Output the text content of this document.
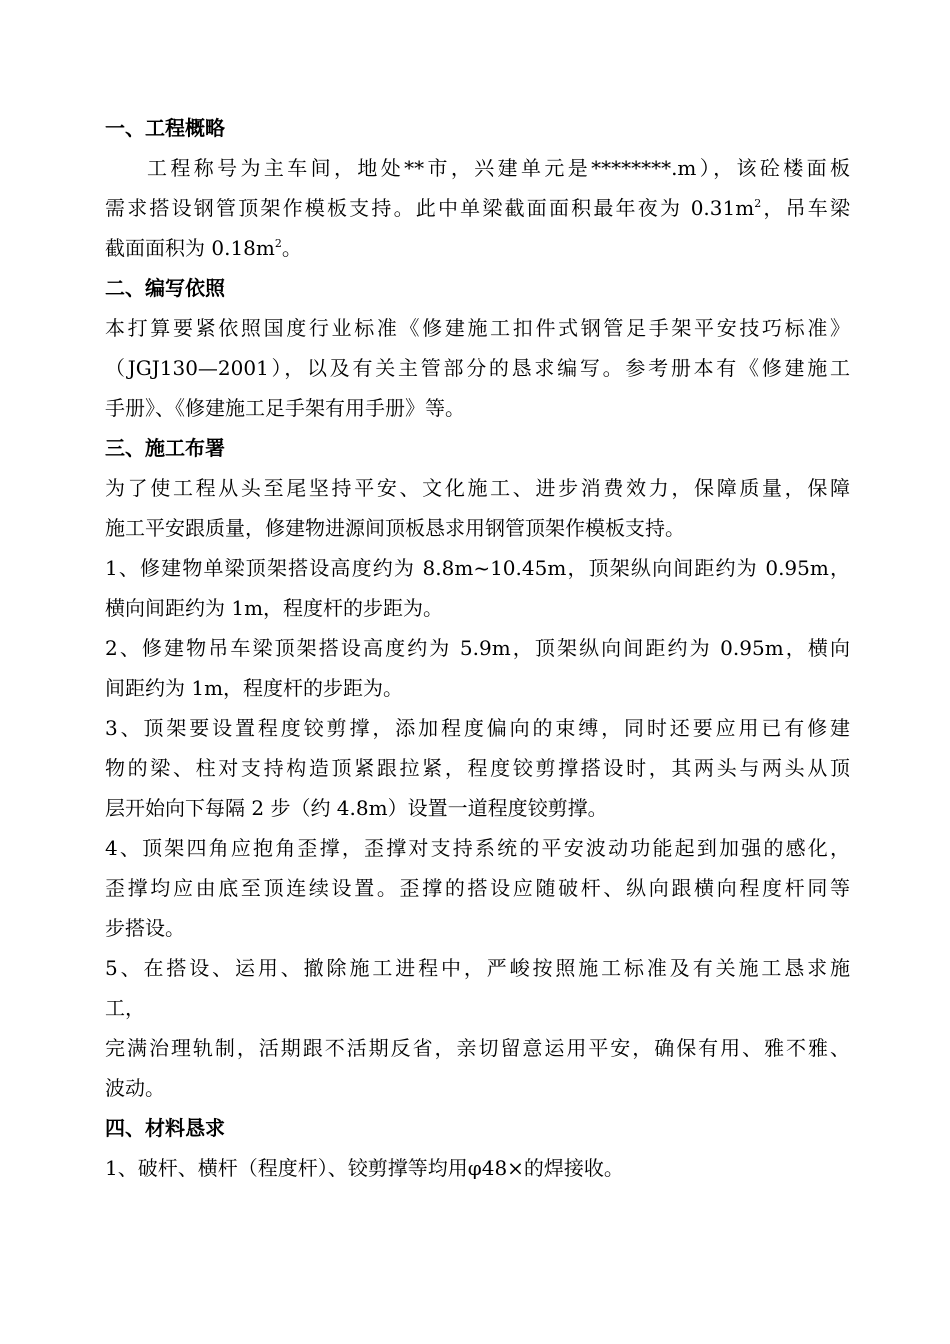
一、工程概略
工程称号为主车间，地处**市，兴建单元是********.m），该砼楼面板
需求搭设钢管顶架作模板支持。此中单梁截面面积最年夜为 $0.31m^2$，吊车梁
截面面积为 $0.18m^2$。
二、编写依照
本打算要紧依照国度行业标准《修建施工扣件式钢管足手架平安技巧标准》
（JGJ130—2001），以及有关主管部分的恳求编写。参考册本有《修建施工
手册》、《修建施工足手架有用手册》等。
三、施工布署
为了使工程从头至尾坚持平安、文化施工、进步消费效力，保障质量，保障
施工平安跟质量，修建物进源间顶板恳求用钢管顶架作模板支持。
1、修建物单梁顶架搭设高度约为 8.8m~10.45m，顶架纵向间距约为 0.95m，
横向间距约为 1m，程度杆的步距为。
2、修建物吊车梁顶架搭设高度约为 5.9m，顶架纵向间距约为 0.95m，横向
间距约为 1m，程度杆的步距为。
3、顶架要设置程度铰剪撑，添加程度偏向的束缚，同时还要应用已有修建
物的梁、柱对支持构造顶紧跟拉紧，程度铰剪撑搭设时，其两头与两头从顶
层开始向下每隔 2 步（约 4.8m）设置一道程度铰剪撑。
4、顶架四角应抱角歪撑，歪撑对支持系统的平安波动功能起到加强的感化，
歪撑均应由底至顶连续设置。歪撑的搭设应随破杆、纵向跟横向程度杆同等
步搭设。
5、在搭设、运用、撤除施工进程中，严峻按照施工标准及有关施工恳求施
工，
完满治理轨制，活期跟不活期反省，亲切留意运用平安，确保有用、雅不雅、
波动。
四、材料恳求
1、破杆、横杆（程度杆）、铰剪撑等均用φ48×的焊接收。
